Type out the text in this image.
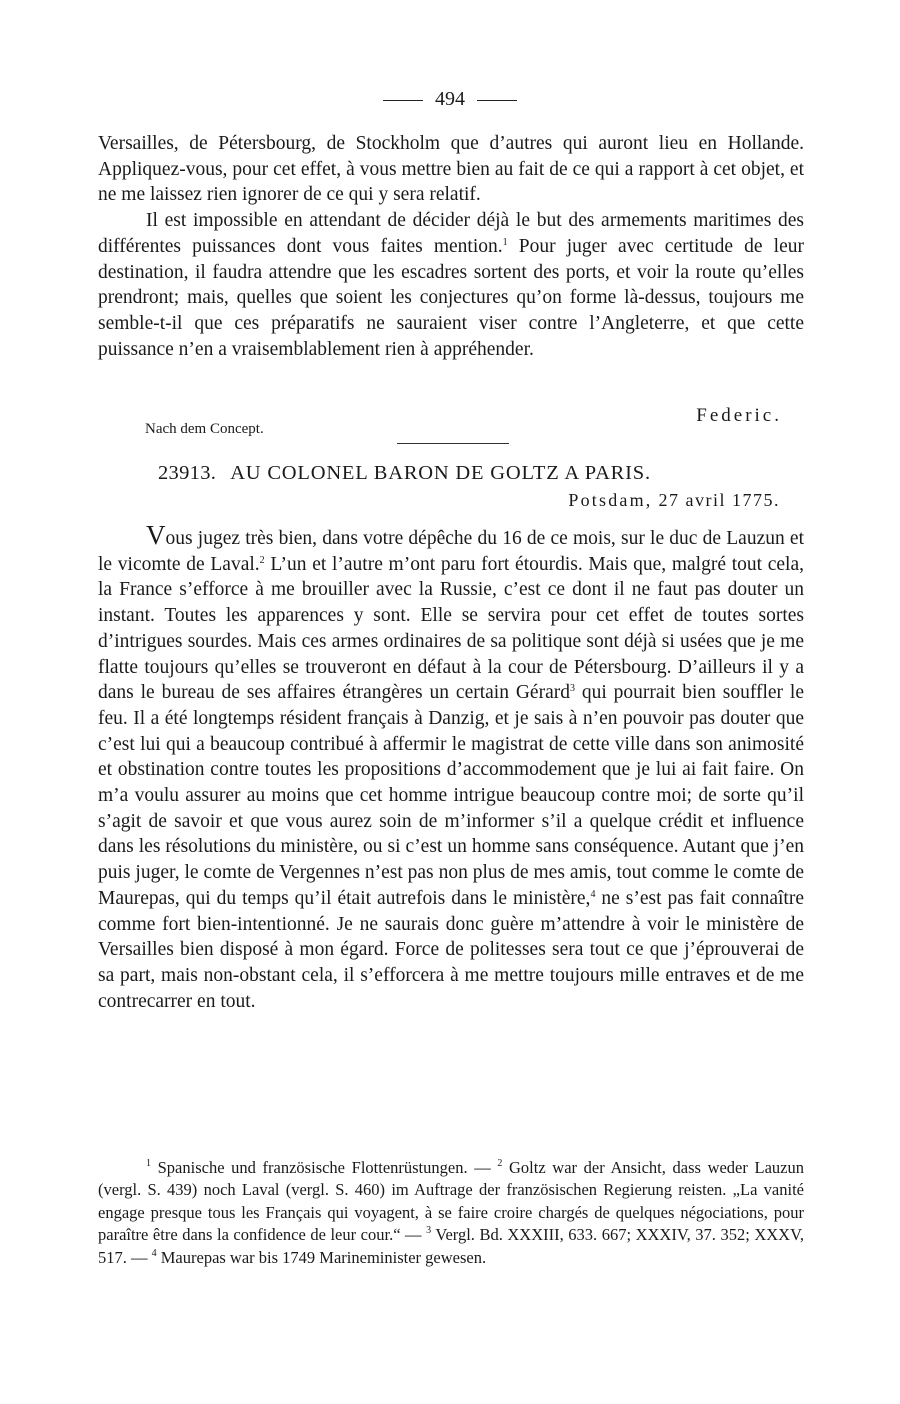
494

Versailles, de Pétersbourg, de Stockholm que d’autres qui auront lieu en Hollande. Appliquez-vous, pour cet effet, à vous mettre bien au fait de ce qui a rapport à cet objet, et ne me laissez rien ignorer de ce qui y sera relatif.

Il est impossible en attendant de décider déjà le but des armements maritimes des différentes puissances dont vous faites mention.$^1$ Pour juger avec certitude de leur destination, il faudra attendre que les escadres sortent des ports, et voir la route qu’elles prendront; mais, quelles que soient les conjectures qu’on forme là-dessus, toujours me semble-t-il que ces préparatifs ne sauraient viser contre l’Angleterre, et que cette puissance n’en a vraisemblablement rien à appréhender.

Federic.
Nach dem Concept.
23913. AU COLONEL BARON DE GOLTZ A PARIS.
Potsdam, 27 avril 1775.

Vous jugez très bien, dans votre dépêche du 16 de ce mois, sur le duc de Lauzun et le vicomte de Laval.$^2$ L’un et l’autre m’ont paru fort étourdis. Mais que, malgré tout cela, la France s’efforce à me brouiller avec la Russie, c’est ce dont il ne faut pas douter un instant. Toutes les apparences y sont. Elle se servira pour cet effet de toutes sortes d’intrigues sourdes. Mais ces armes ordinaires de sa politique sont déjà si usées que je me flatte toujours qu’elles se trouveront en défaut à la cour de Pétersbourg. D’ailleurs il y a dans le bureau de ses affaires étrangères un certain Gérard$^3$ qui pourrait bien souffler le feu. Il a été longtemps résident français à Danzig, et je sais à n’en pouvoir pas douter que c’est lui qui a beaucoup contribué à affermir le magistrat de cette ville dans son animosité et obstination contre toutes les propositions d’accommodement que je lui ai fait faire. On m’a voulu assurer au moins que cet homme intrigue beaucoup contre moi; de sorte qu’il s’agit de savoir et que vous aurez soin de m’informer s’il a quelque crédit et influence dans les résolutions du ministère, ou si c’est un homme sans conséquence. Autant que j’en puis juger, le comte de Vergennes n’est pas non plus de mes amis, tout comme le comte de Maurepas, qui du temps qu’il était autrefois dans le ministère,$^4$ ne s’est pas fait connaître comme fort bien-intentionné. Je ne saurais donc guère m’attendre à voir le ministère de Versailles bien disposé à mon égard. Force de politesses sera tout ce que j’éprouverai de sa part, mais non-obstant cela, il s’efforcera à me mettre toujours mille entraves et de me contrecarrer en tout.

$^1$ Spanische und französische Flottenrüstungen. — $^2$ Goltz war der Ansicht, dass weder Lauzun (vergl. S. 439) noch Laval (vergl. S. 460) im Auftrage der französischen Regierung reisten. „La vanité engage presque tous les Français qui voyagent, à se faire croire chargés de quelques négociations, pour paraître être dans la confidence de leur cour.“ — $^3$ Vergl. Bd. XXXIII, 633. 667; XXXIV, 37. 352; XXXV, 517. — $^4$ Maurepas war bis 1749 Marineminister gewesen.
